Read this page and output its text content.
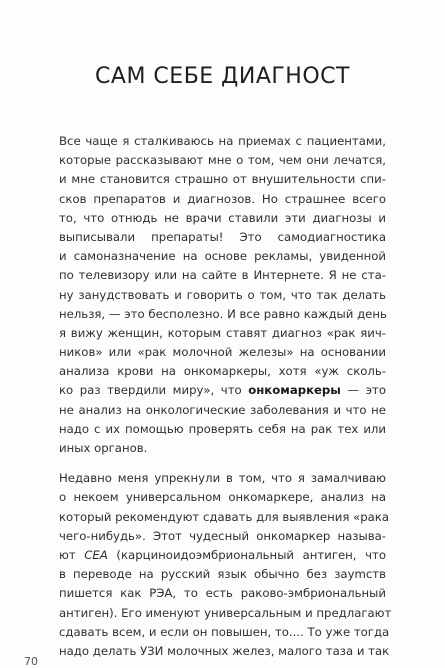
САМ СЕБЕ ДИАГНОСТ
Все чаще я сталкиваюсь на приемах с пациентами,
которые рассказывают мне о том, чем они лечатся,
и мне становится страшно от внушительности спи-
сков препаратов и диагнозов. Но страшнее всего
то, что отнюдь не врачи ставили эти диагнозы и
выписывали препараты! Это самодиагностика
и самоназначение на основе рекламы, увиденной
по телевизору или на сайте в Интернете. Я не ста-
ну занудствовать и говорить о том, что так делать
нельзя, — это бесполезно. И все равно каждый день
я вижу женщин, которым ставят диагноз «рак яич-
ников» или «рак молочной железы» на основании
анализа крови на онкомаркеры, хотя «уж сколь-
ко раз твердили миру», что онкомаркеры — это
не анализ на онкологические заболевания и что не
надо с их помощью проверять себя на рак тех или
иных органов.
Недавно меня упрекнули в том, что я замалчиваю
о некоем универсальном онкомаркере, анализ на
который рекомендуют сдавать для выявления «рака
чего-нибудь». Этот чудесный онкомаркер называ-
ют СЕА (карциноидоэмбриональный антиген, что
в переводе на русский язык обычно без зауmств
пишется как РЭА, то есть раково-эмбриональный
антиген). Его именуют универсальным и предлагают
сдавать всем, и если он повышен, то.... То уже тогда
надо делать УЗИ молочных желез, малого таза и так
70
